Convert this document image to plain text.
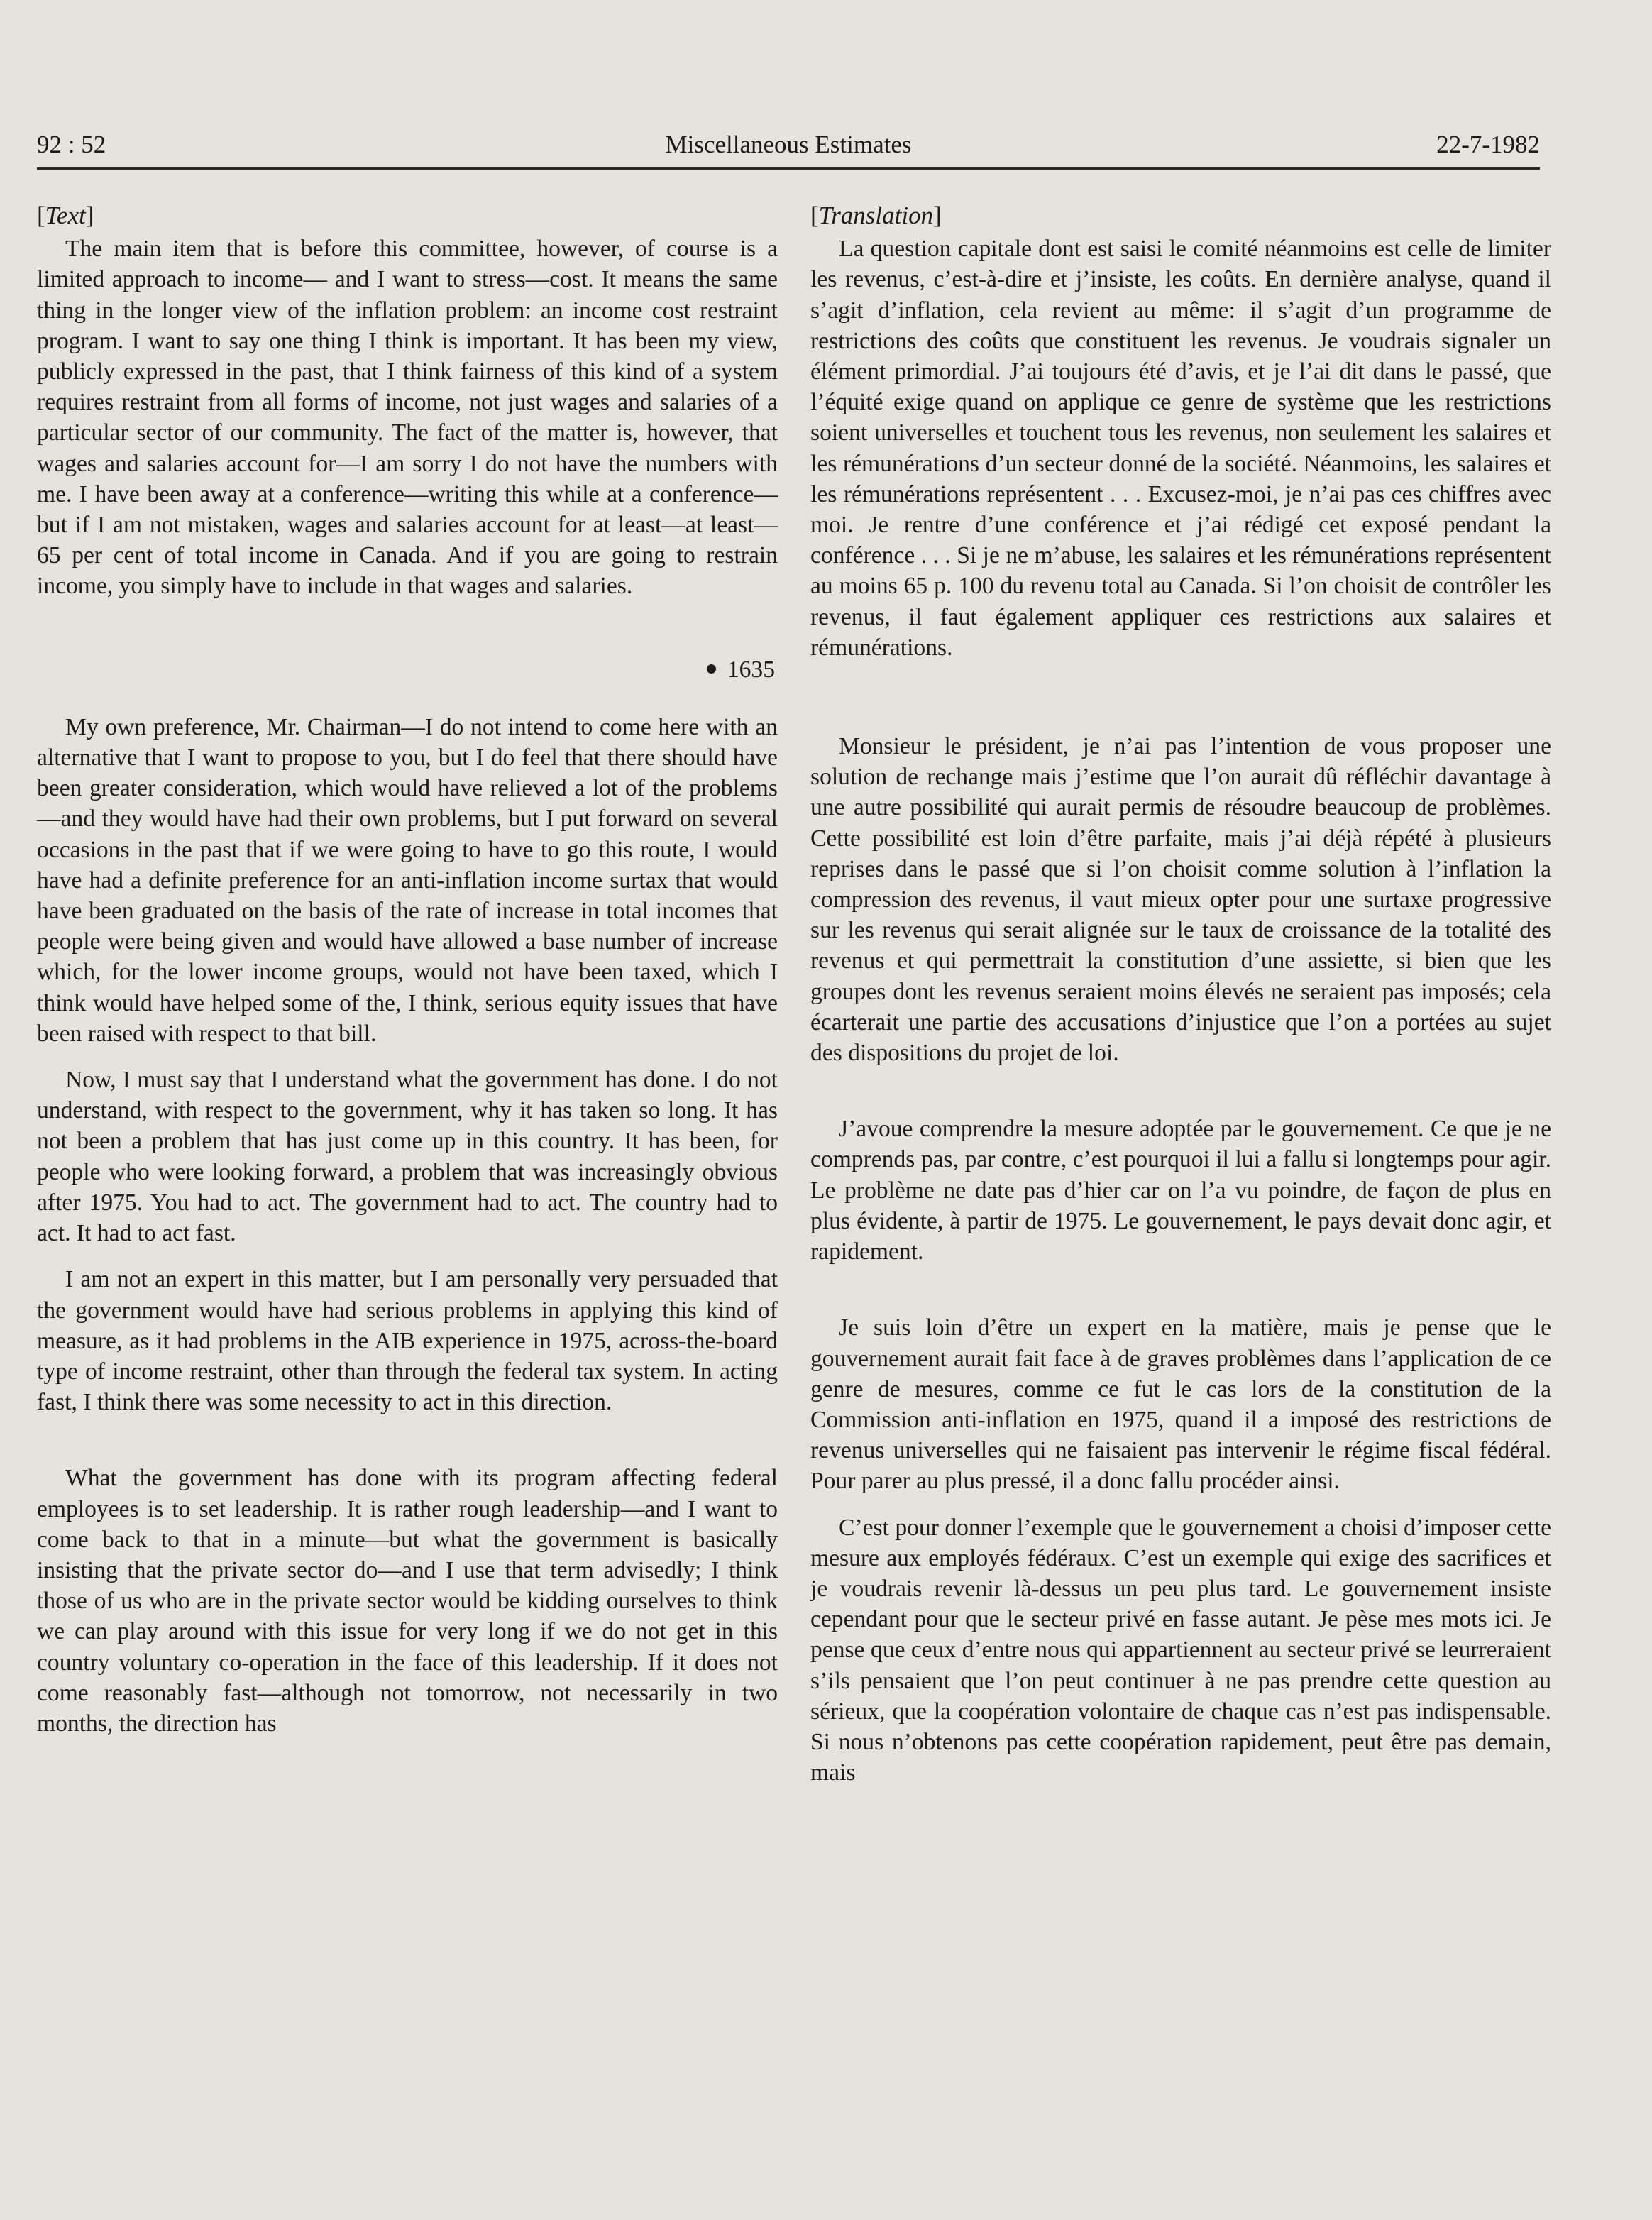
92 : 52	Miscellaneous Estimates	22-7-1982
[Text]

The main item that is before this committee, however, of course is a limited approach to income— and I want to stress—cost. It means the same thing in the longer view of the inflation problem: an income cost restraint program. I want to say one thing I think is important. It has been my view, publicly expressed in the past, that I think fairness of this kind of a system requires restraint from all forms of income, not just wages and salaries of a particular sector of our community. The fact of the matter is, however, that wages and salaries account for—I am sorry I do not have the numbers with me. I have been away at a conference—writing this while at a conference—but if I am not mistaken, wages and salaries account for at least—at least—65 per cent of total income in Canada. And if you are going to restrain income, you simply have to include in that wages and salaries.

1635

My own preference, Mr. Chairman—I do not intend to come here with an alternative that I want to propose to you, but I do feel that there should have been greater consideration, which would have relieved a lot of the problems—and they would have had their own problems, but I put forward on several occasions in the past that if we were going to have to go this route, I would have had a definite preference for an anti-inflation income surtax that would have been graduated on the basis of the rate of increase in total incomes that people were being given and would have allowed a base number of increase which, for the lower income groups, would not have been taxed, which I think would have helped some of the, I think, serious equity issues that have been raised with respect to that bill.

Now, I must say that I understand what the government has done. I do not understand, with respect to the government, why it has taken so long. It has not been a problem that has just come up in this country. It has been, for people who were looking forward, a problem that was increasingly obvious after 1975. You had to act. The government had to act. The country had to act. It had to act fast.

I am not an expert in this matter, but I am personally very persuaded that the government would have had serious problems in applying this kind of measure, as it had problems in the AIB experience in 1975, across-the-board type of income restraint, other than through the federal tax system. In acting fast, I think there was some necessity to act in this direction.

What the government has done with its program affecting federal employees is to set leadership. It is rather rough leadership—and I want to come back to that in a minute—but what the government is basically insisting that the private sector do—and I use that term advisedly; I think those of us who are in the private sector would be kidding ourselves to think we can play around with this issue for very long if we do not get in this country voluntary co-operation in the face of this leadership. If it does not come reasonably fast—although not tomorrow, not necessarily in two months, the direction has

[Translation]

La question capitale dont est saisi le comité néanmoins est celle de limiter les revenus, c’est-à-dire et j’insiste, les coûts. En dernière analyse, quand il s’agit d’inflation, cela revient au même: il s’agit d’un programme de restrictions des coûts que constituent les revenus. Je voudrais signaler un élément primordial. J’ai toujours été d’avis, et je l’ai dit dans le passé, que l’équité exige quand on applique ce genre de système que les restrictions soient universelles et touchent tous les revenus, non seulement les salaires et les rémunérations d’un secteur donné de la société. Néanmoins, les salaires et les rémunérations représentent . . . Excusez-moi, je n’ai pas ces chiffres avec moi. Je rentre d’une conférence et j’ai rédigé cet exposé pendant la conférence . . . Si je ne m’abuse, les salaires et les rémunérations représentent au moins 65 p. 100 du revenu total au Canada. Si l’on choisit de contrôler les revenus, il faut également appliquer ces restrictions aux salaires et rémunérations.

Monsieur le président, je n’ai pas l’intention de vous proposer une solution de rechange mais j’estime que l’on aurait dû réfléchir davantage à une autre possibilité qui aurait permis de résoudre beaucoup de problèmes. Cette possibilité est loin d’être parfaite, mais j’ai déjà répété à plusieurs reprises dans le passé que si l’on choisit comme solution à l’inflation la compression des revenus, il vaut mieux opter pour une surtaxe progressive sur les revenus qui serait alignée sur le taux de croissance de la totalité des revenus et qui permettrait la constitution d’une assiette, si bien que les groupes dont les revenus seraient moins élevés ne seraient pas imposés; cela écarterait une partie des accusations d’injustice que l’on a portées au sujet des dispositions du projet de loi.

J’avoue comprendre la mesure adoptée par le gouvernement. Ce que je ne comprends pas, par contre, c’est pourquoi il lui a fallu si longtemps pour agir. Le problème ne date pas d’hier car on l’a vu poindre, de façon de plus en plus évidente, à partir de 1975. Le gouvernement, le pays devait donc agir, et rapidement.

Je suis loin d’être un expert en la matière, mais je pense que le gouvernement aurait fait face à de graves problèmes dans l’application de ce genre de mesures, comme ce fut le cas lors de la constitution de la Commission anti-inflation en 1975, quand il a imposé des restrictions de revenus universelles qui ne faisaient pas intervenir le régime fiscal fédéral. Pour parer au plus pressé, il a donc fallu procéder ainsi.

C’est pour donner l’exemple que le gouvernement a choisi d’imposer cette mesure aux employés fédéraux. C’est un exemple qui exige des sacrifices et je voudrais revenir là-dessus un peu plus tard. Le gouvernement insiste cependant pour que le secteur privé en fasse autant. Je pèse mes mots ici. Je pense que ceux d’entre nous qui appartiennent au secteur privé se leurreraient s’ils pensaient que l’on peut continuer à ne pas prendre cette question au sérieux, que la coopération volontaire de chaque cas n’est pas indispensable. Si nous n’obtenons pas cette coopération rapidement, peut être pas demain, mais
